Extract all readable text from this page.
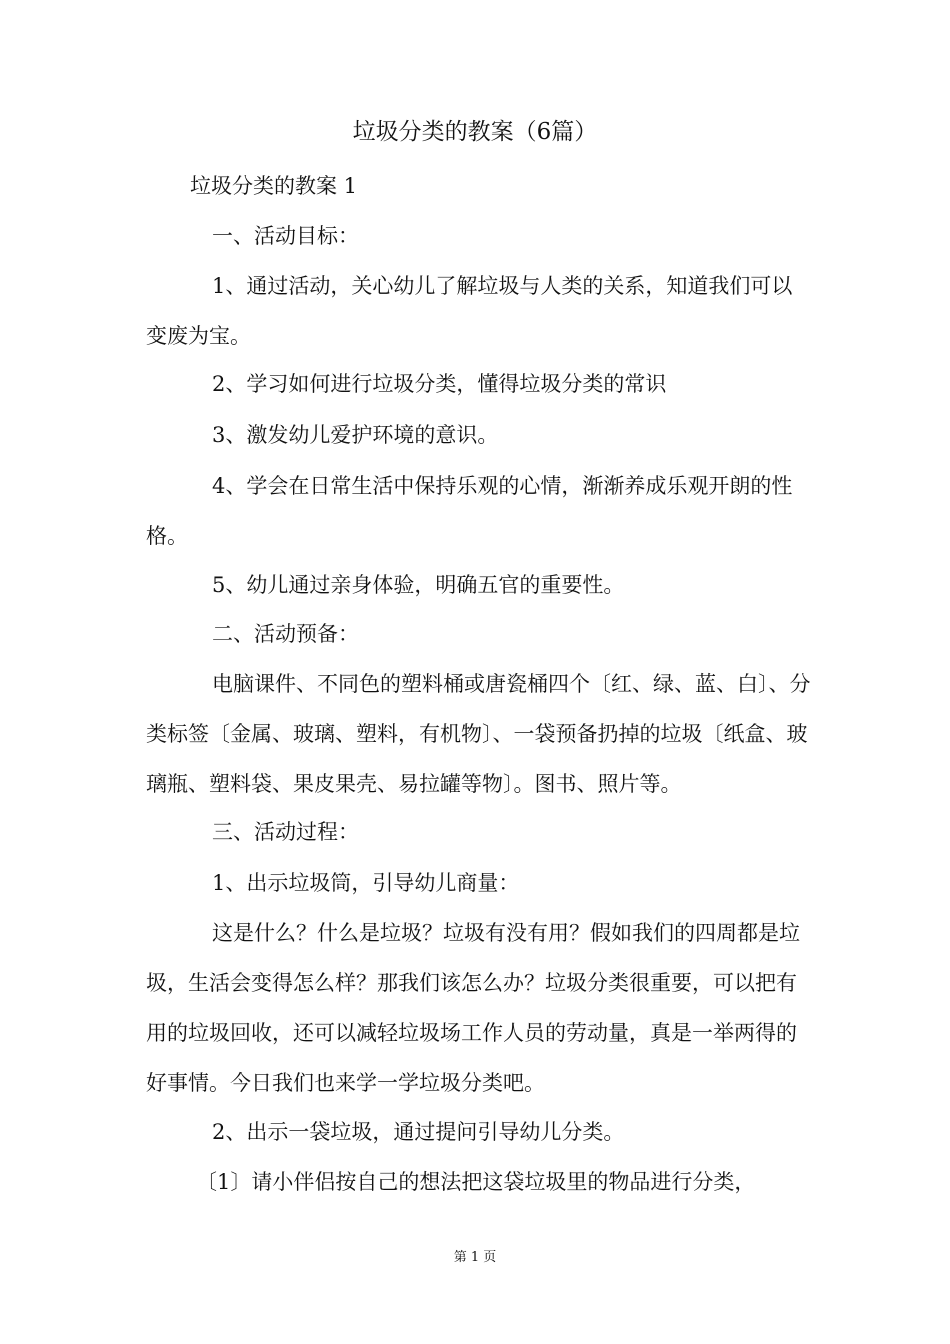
垃圾分类的教案（6篇）
垃圾分类的教案 1
一、活动目标：
1、通过活动，关心幼儿了解垃圾与人类的关系，知道我们可以变废为宝。
2、学习如何进行垃圾分类，懂得垃圾分类的常识
3、激发幼儿爱护环境的意识。
4、学会在日常生活中保持乐观的心情，渐渐养成乐观开朗的性格。
5、幼儿通过亲身体验，明确五官的重要性。
二、活动预备：
电脑课件、不同色的塑料桶或唐瓷桶四个〔红、绿、蓝、白〕、分类标签〔金属、玻璃、塑料，有机物〕、一袋预备扔掉的垃圾〔纸盒、玻璃瓶、塑料袋、果皮果壳、易拉罐等物〕。图书、照片等。
三、活动过程：
1、出示垃圾筒，引导幼儿商量：
这是什么？什么是垃圾？垃圾有没有用？假如我们的四周都是垃圾，生活会变得怎么样？那我们该怎么办？垃圾分类很重要，可以把有用的垃圾回收，还可以减轻垃圾场工作人员的劳动量，真是一举两得的好事情。今日我们也来学一学垃圾分类吧。
2、出示一袋垃圾，通过提问引导幼儿分类。
〔1〕请小伴侣按自己的想法把这袋垃圾里的物品进行分类，
第 1 页
